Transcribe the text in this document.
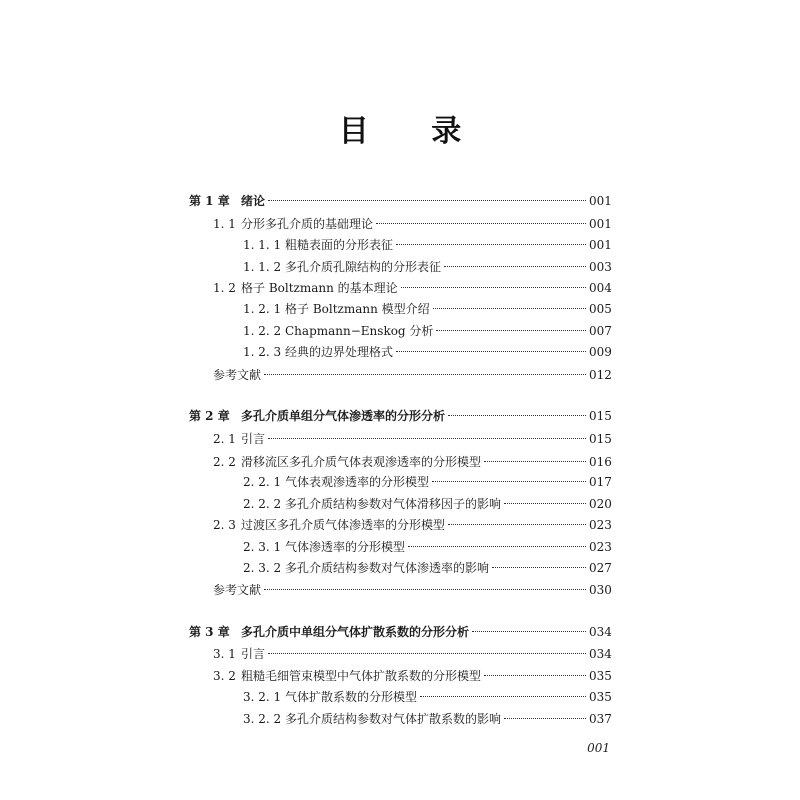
目 录
第 1 章 绪论	001
1. 1 分形多孔介质的基础理论	001
1. 1. 1 粗糙表面的分形表征	001
1. 1. 2 多孔介质孔隙结构的分形表征	003
1. 2 格子 Boltzmann 的基本理论	004
1. 2. 1 格子 Boltzmann 模型介绍	005
1. 2. 2 Chapmann−Enskog 分析	007
1. 2. 3 经典的边界处理格式	009
参考文献	012
第 2 章 多孔介质单组分气体渗透率的分形分析	015
2. 1 引言	015
2. 2 滑移流区多孔介质气体表观渗透率的分形模型	016
2. 2. 1 气体表观渗透率的分形模型	017
2. 2. 2 多孔介质结构参数对气体滑移因子的影响	020
2. 3 过渡区多孔介质气体渗透率的分形模型	023
2. 3. 1 气体渗透率的分形模型	023
2. 3. 2 多孔介质结构参数对气体渗透率的影响	027
参考文献	030
第 3 章 多孔介质中单组分气体扩散系数的分形分析	034
3. 1 引言	034
3. 2 粗糙毛细管束模型中气体扩散系数的分形模型	035
3. 2. 1 气体扩散系数的分形模型	035
3. 2. 2 多孔介质结构参数对气体扩散系数的影响	037
001
